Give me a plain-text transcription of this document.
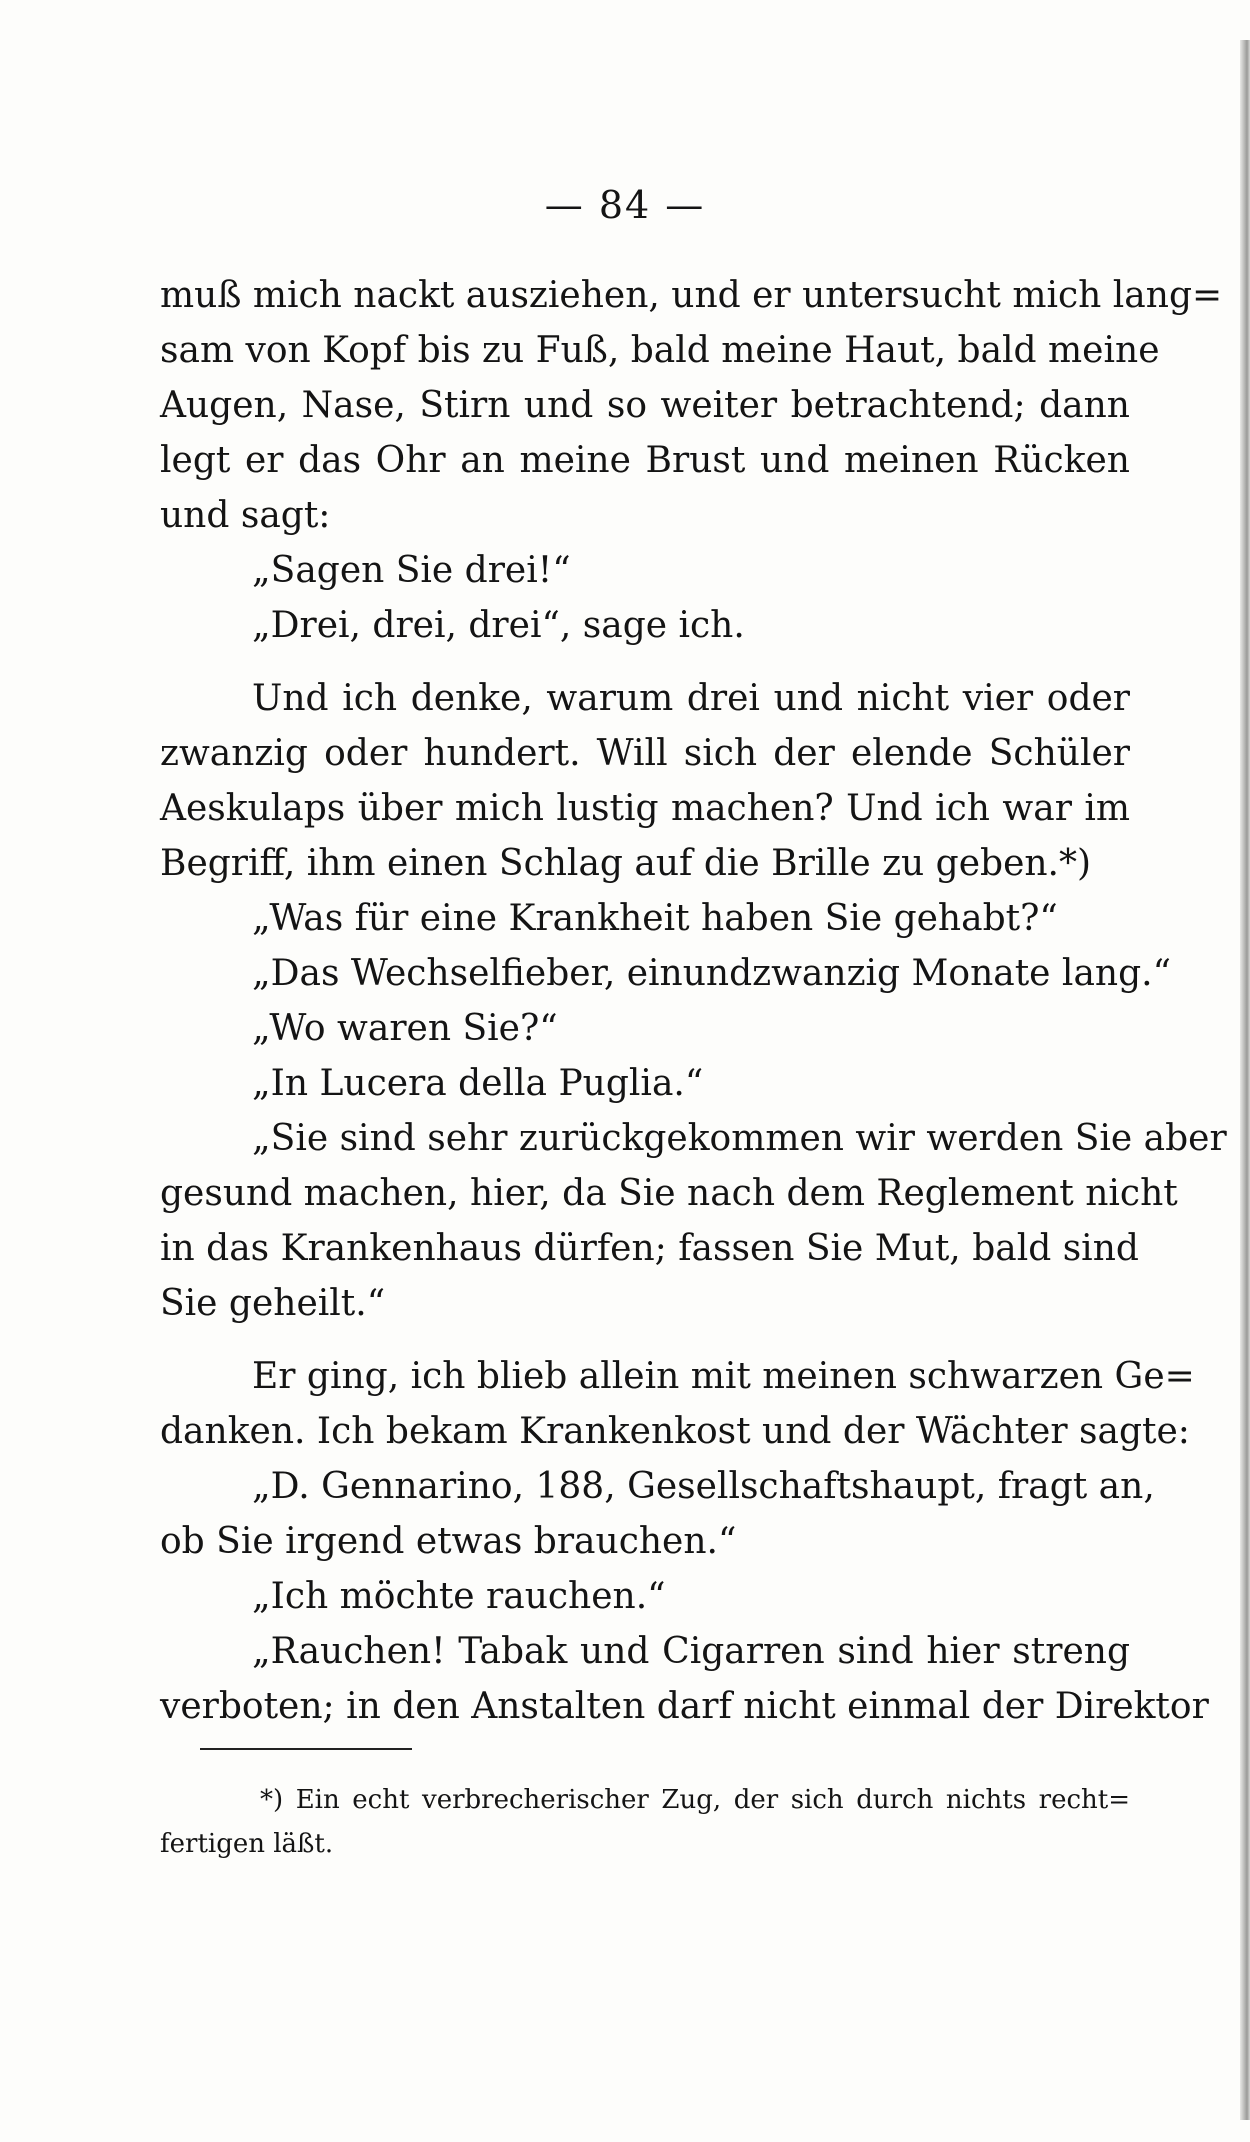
— 84 —
muß mich nackt ausziehen, und er untersucht mich lang=
sam von Kopf bis zu Fuß, bald meine Haut, bald meine
Augen, Nase, Stirn und so weiter betrachtend; dann
legt er das Ohr an meine Brust und meinen Rücken
und sagt:
„Sagen Sie drei!“
„Drei, drei, drei“, sage ich.
Und ich denke, warum drei und nicht vier oder
zwanzig oder hundert. Will sich der elende Schüler
Aeskulaps über mich lustig machen? Und ich war im
Begriff, ihm einen Schlag auf die Brille zu geben.*)
„Was für eine Krankheit haben Sie gehabt?“
„Das Wechselfieber, einundzwanzig Monate lang.“
„Wo waren Sie?“
„In Lucera della Puglia.“
„Sie sind sehr zurückgekommen wir werden Sie aber
gesund machen, hier, da Sie nach dem Reglement nicht
in das Krankenhaus dürfen; fassen Sie Mut, bald sind
Sie geheilt.“
Er ging, ich blieb allein mit meinen schwarzen Ge=
danken. Ich bekam Krankenkost und der Wächter sagte:
„D. Gennarino, 188, Gesellschaftshaupt, fragt an,
ob Sie irgend etwas brauchen.“
„Ich möchte rauchen.“
„Rauchen! Tabak und Cigarren sind hier streng
verboten; in den Anstalten darf nicht einmal der Direktor
*) Ein echt verbrecherischer Zug, der sich durch nichts recht=
fertigen läßt.
